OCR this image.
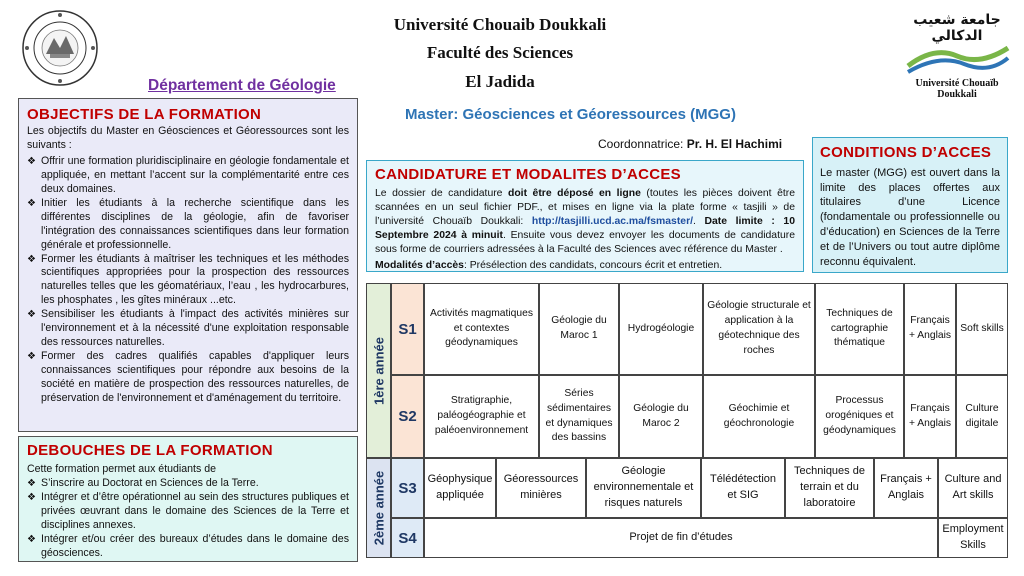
Université Chouaib Doukkali
Faculté des Sciences
El Jadida
جامعة شعيب الدكالي
Université Chouaïb Doukkali
Département de Géologie
Master: Géosciences et Géoressources (MGG)
Coordonnatrice: Pr. H. El Hachimi
OBJECTIFS DE LA FORMATION

Les objectifs du Master en Géosciences et Géoressources sont les suivants :

❖ Offrir une formation pluridisciplinaire en géologie fondamentale et appliquée, en mettant l’accent sur la complémentarité entre ces deux domaines.
❖ Initier les étudiants à la recherche scientifique dans les différentes disciplines de la géologie, afin de favoriser l'intégration des connaissances scientifiques dans leur formation générale et professionnelle.
❖ Former les étudiants à maîtriser les techniques et les méthodes scientifiques appropriées pour la prospection des ressources naturelles telles que les géomatériaux, l’eau , les hydrocarbures, les phosphates , les gîtes minéraux ...etc.
❖ Sensibiliser les étudiants à l'impact des activités minières sur l'environnement et à la nécessité d'une exploitation responsable des ressources naturelles.
❖ Former des cadres qualifiés capables d'appliquer leurs connaissances scientifiques pour répondre aux besoins de la société en matière de prospection des ressources naturelles, de préservation de l'environnement et d'aménagement du territoire.
DEBOUCHES DE LA FORMATION
Cette formation permet aux étudiants de
❖ S’inscrire au Doctorat en Sciences de la Terre.
❖ Intégrer et d’être opérationnel au sein des structures publiques et privées œuvrant dans le domaine des Sciences de la Terre et disciplines annexes.
❖ Intégrer et/ou créer des bureaux d’études dans le domaine des géosciences.
CANDIDATURE ET MODALITES D’ACCES

Le dossier de candidature doit être déposé en ligne (toutes les pièces doivent être scannées en un seul fichier PDF., et mises en ligne via la plate forme « tasjili » de l’université Chouaïb Doukkali: http://tasjilli.ucd.ac.ma/fsmaster/. Date limite : 10 Septembre 2024 à minuit. Ensuite vous devez envoyer les documents de candidature sous forme de courriers adressées à la Faculté des Sciences avec référence du Master .

Modalités d’accès: Présélection des candidats, concours écrit et entretien.

CONDITIONS D’ACCES

Le master (MGG) est ouvert dans la limite des places offertes aux titulaires d’une Licence (fondamentale ou professionnelle ou d’éducation) en Sciences de la Terre et de l’Univers ou tout autre diplôme reconnu équivalent.

1ère année
2ème année
S1
S2
S3
S4
Activités magmatiques et contextes géodynamiques
Géologie du Maroc 1
Hydrogéologie
Géologie structurale et application à la géotechnique des roches
Techniques de cartographie thématique
Français + Anglais
Soft skills
Stratigraphie, paléogéographie et paléoenvironnement
Séries sédimentaires et dynamiques des bassins
Géologie du Maroc 2
Géochimie et géochronologie
Processus orogéniques et géodynamiques
Français + Anglais
Culture digitale
Géophysique appliquée
Géoressources minières
Géologie environnementale et risques naturels
Télédétection et SIG
Techniques de terrain et du laboratoire
Français + Anglais
Culture and Art skills
Projet de fin d’études
Employment Skills
